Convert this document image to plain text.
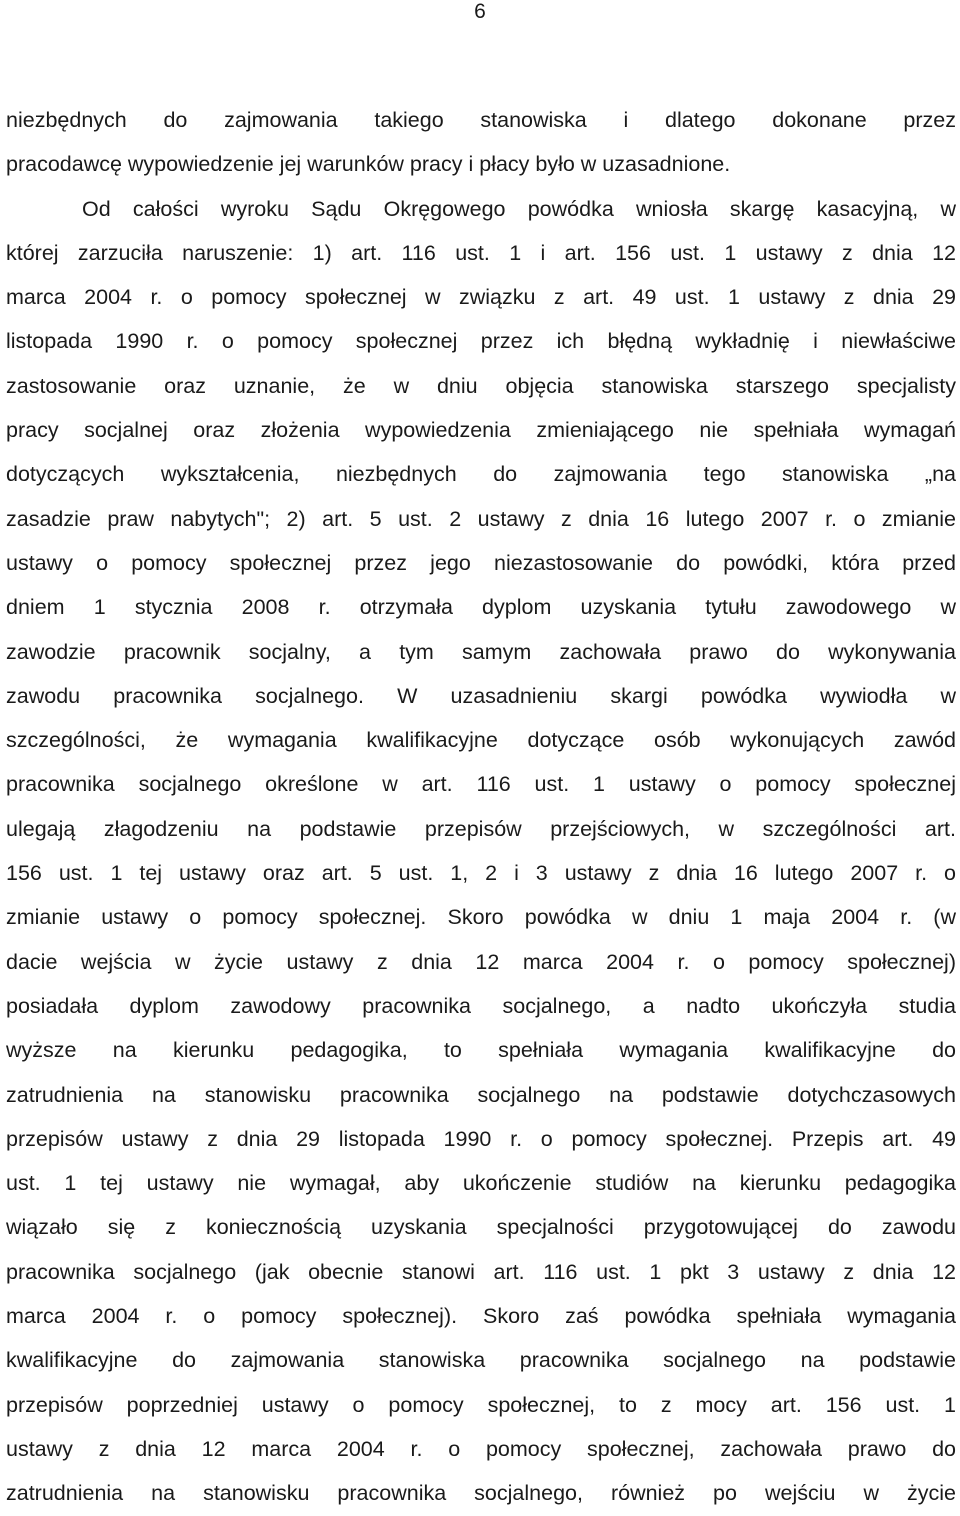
6
niezbędnych do zajmowania takiego stanowiska i dlatego dokonane przez
pracodawcę wypowiedzenie jej warunków pracy i płacy było w uzasadnione.
Od całości wyroku Sądu Okręgowego powódka wniosła skargę kasacyjną, w
której zarzuciła naruszenie: 1) art. 116 ust. 1 i art. 156 ust. 1 ustawy z dnia 12
marca 2004 r. o pomocy społecznej w związku z art. 49 ust. 1 ustawy z dnia 29
listopada 1990 r. o pomocy społecznej przez ich błędną wykładnię i niewłaściwe
zastosowanie oraz uznanie, że w dniu objęcia stanowiska starszego specjalisty
pracy socjalnej oraz złożenia wypowiedzenia zmieniającego nie spełniała wymagań
dotyczących wykształcenia, niezbędnych do zajmowania tego stanowiska „na
zasadzie praw nabytych"; 2) art. 5 ust. 2 ustawy z dnia 16 lutego 2007 r. o zmianie
ustawy o pomocy społecznej przez jego niezastosowanie do powódki, która przed
dniem 1 stycznia 2008 r. otrzymała dyplom uzyskania tytułu zawodowego w
zawodzie pracownik socjalny, a tym samym zachowała prawo do wykonywania
zawodu pracownika socjalnego. W uzasadnieniu skargi powódka wywiodła w
szczególności, że wymagania kwalifikacyjne dotyczące osób wykonujących zawód
pracownika socjalnego określone w art. 116 ust. 1 ustawy o pomocy społecznej
ulegają złagodzeniu na podstawie przepisów przejściowych, w szczególności art.
156 ust. 1 tej ustawy oraz art. 5 ust. 1, 2 i 3 ustawy z dnia 16 lutego 2007 r. o
zmianie ustawy o pomocy społecznej. Skoro powódka w dniu 1 maja 2004 r. (w
dacie wejścia w życie ustawy z dnia 12 marca 2004 r. o pomocy społecznej)
posiadała dyplom zawodowy pracownika socjalnego, a nadto ukończyła studia
wyższe na kierunku pedagogika, to spełniała wymagania kwalifikacyjne do
zatrudnienia na stanowisku pracownika socjalnego na podstawie dotychczasowych
przepisów ustawy z dnia 29 listopada 1990 r. o pomocy społecznej. Przepis art. 49
ust. 1 tej ustawy nie wymagał, aby ukończenie studiów na kierunku pedagogika
wiązało się z koniecznością uzyskania specjalności przygotowującej do zawodu
pracownika socjalnego (jak obecnie stanowi art. 116 ust. 1 pkt 3 ustawy z dnia 12
marca 2004 r. o pomocy społecznej). Skoro zaś powódka spełniała wymagania
kwalifikacyjne do zajmowania stanowiska pracownika socjalnego na podstawie
przepisów poprzedniej ustawy o pomocy społecznej, to z mocy art. 156 ust. 1
ustawy z dnia 12 marca 2004 r. o pomocy społecznej, zachowała prawo do
zatrudnienia na stanowisku pracownika socjalnego, również po wejściu w życie
